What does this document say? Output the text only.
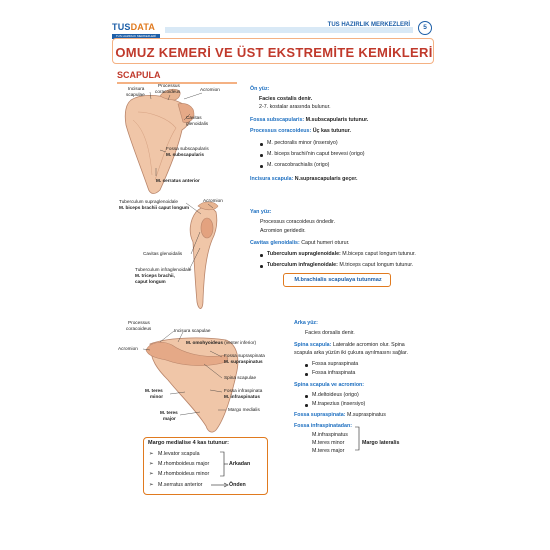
TUSDATA
TUS HAZIRLIK MERKEZLERİ
TUS HAZIRLIK MERKEZLERİ	5
OMUZ KEMERİ VE ÜST EKSTREMİTE KEMİKLERİ
SCAPULA
Incisura
scapulae
Processus
coracoideus	Acromion
Cavitas
glenoidalis
Fossa subscapularis
M. subscapularis
M. serratus anterior
Ön yüz:
Facies costalis denir.
2-7. kostalar arasında bulunur.
Fossa subscapularis: M.subscapularis tutunur.
Processus coracoideus: Üç kas tutunur.
M. pectoralis minor (insersiyo)
M. biceps brachii'nin caput brevesi (origo)
M. coracobrachialis (origo)
Incisura scapula: N.suprascapularis geçer.
Tuberculum supraglenoidale
M. biceps brachii caput longum
Acromion
Cavitas glenoidalis
Tuberculum infraglenoidale
M. triceps brachii,
caput longum
Yan yüz:
Processus coracoideus öndedir.
Acromion geridedir.
Cavitas glenoidalis: Caput humeri oturur.
Tuberculum supraglenoidale: M.biceps caput longum tutunur.
Tuberculum infraglenoidale: M.triceps caput longum tutunur.
M.brachialis scapulaya tutunmaz
Processus
coracoideus	Incisura scapulae
Acromion
M. omohyoideus (venter inferior)
Fossa supraspinata
M. supraspinatus
Spina scapulae
M. teres
minor
Fossa infraspinata
M. infraspinatus
M. teres
major
Margo medialis
Margo medialise 4 kas tutunur:
➢ M.levator scapula
➢ M.rhomboideus major
➢ M.rhomboideus minor
➢ M.serratus anterior
Arkadan
Önden
Arka yüz:
Facies dorsalis denir.
Spina scapula: Lateralde acromion olur. Spina
scapula arka yüzün iki çukura ayrılmasını sağlar.
Fossa supraspinata
Fossa infraspinata
Spina scapula ve acromion:
M.deltoideus (origo)
M.trapezius (insersiyo)
Fossa supraspinata: M.supraspinatus
Fossa infraspinatadan:
M.infraspinatus
M.teres minor
M.teres major
Margo lateralis
